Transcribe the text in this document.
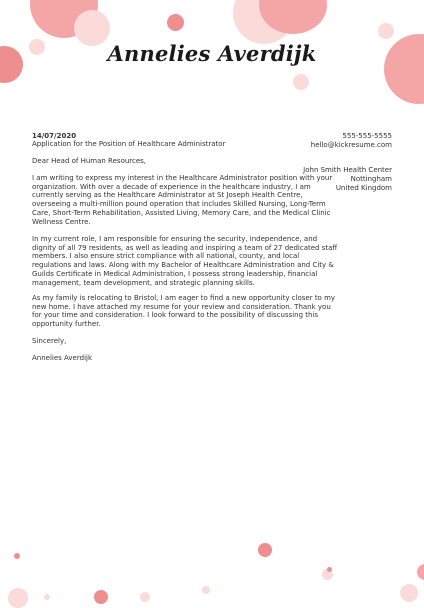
Annelies Averdijk
14/07/2020
Application for the Position of Healthcare Administrator
555-555-5555
hello@kickresume.com
John Smith Health Center
Nottingham
United Kingdom
Dear Head of Human Resources,
I am writing to express my interest in the Healthcare Administrator position with your
organization. With over a decade of experience in the healthcare industry, I am
currently serving as the Healthcare Administrator at St Joseph Health Centre,
overseeing a multi-million pound operation that includes Skilled Nursing, Long-Term
Care, Short-Term Rehabilitation, Assisted Living, Memory Care, and the Medical Clinic
Wellness Centre.
In my current role, I am responsible for ensuring the security, independence, and
dignity of all 79 residents, as well as leading and inspiring a team of 27 dedicated staff
members. I also ensure strict compliance with all national, county, and local
regulations and laws. Along with my Bachelor of Healthcare Administration and City &
Guilds Certificate in Medical Administration, I possess strong leadership, financial
management, team development, and strategic planning skills.
As my family is relocating to Bristol, I am eager to find a new opportunity closer to my
new home. I have attached my resume for your review and consideration. Thank you
for your time and consideration. I look forward to the possibility of discussing this
opportunity further.
Sincerely,
Annelies Averdijk
